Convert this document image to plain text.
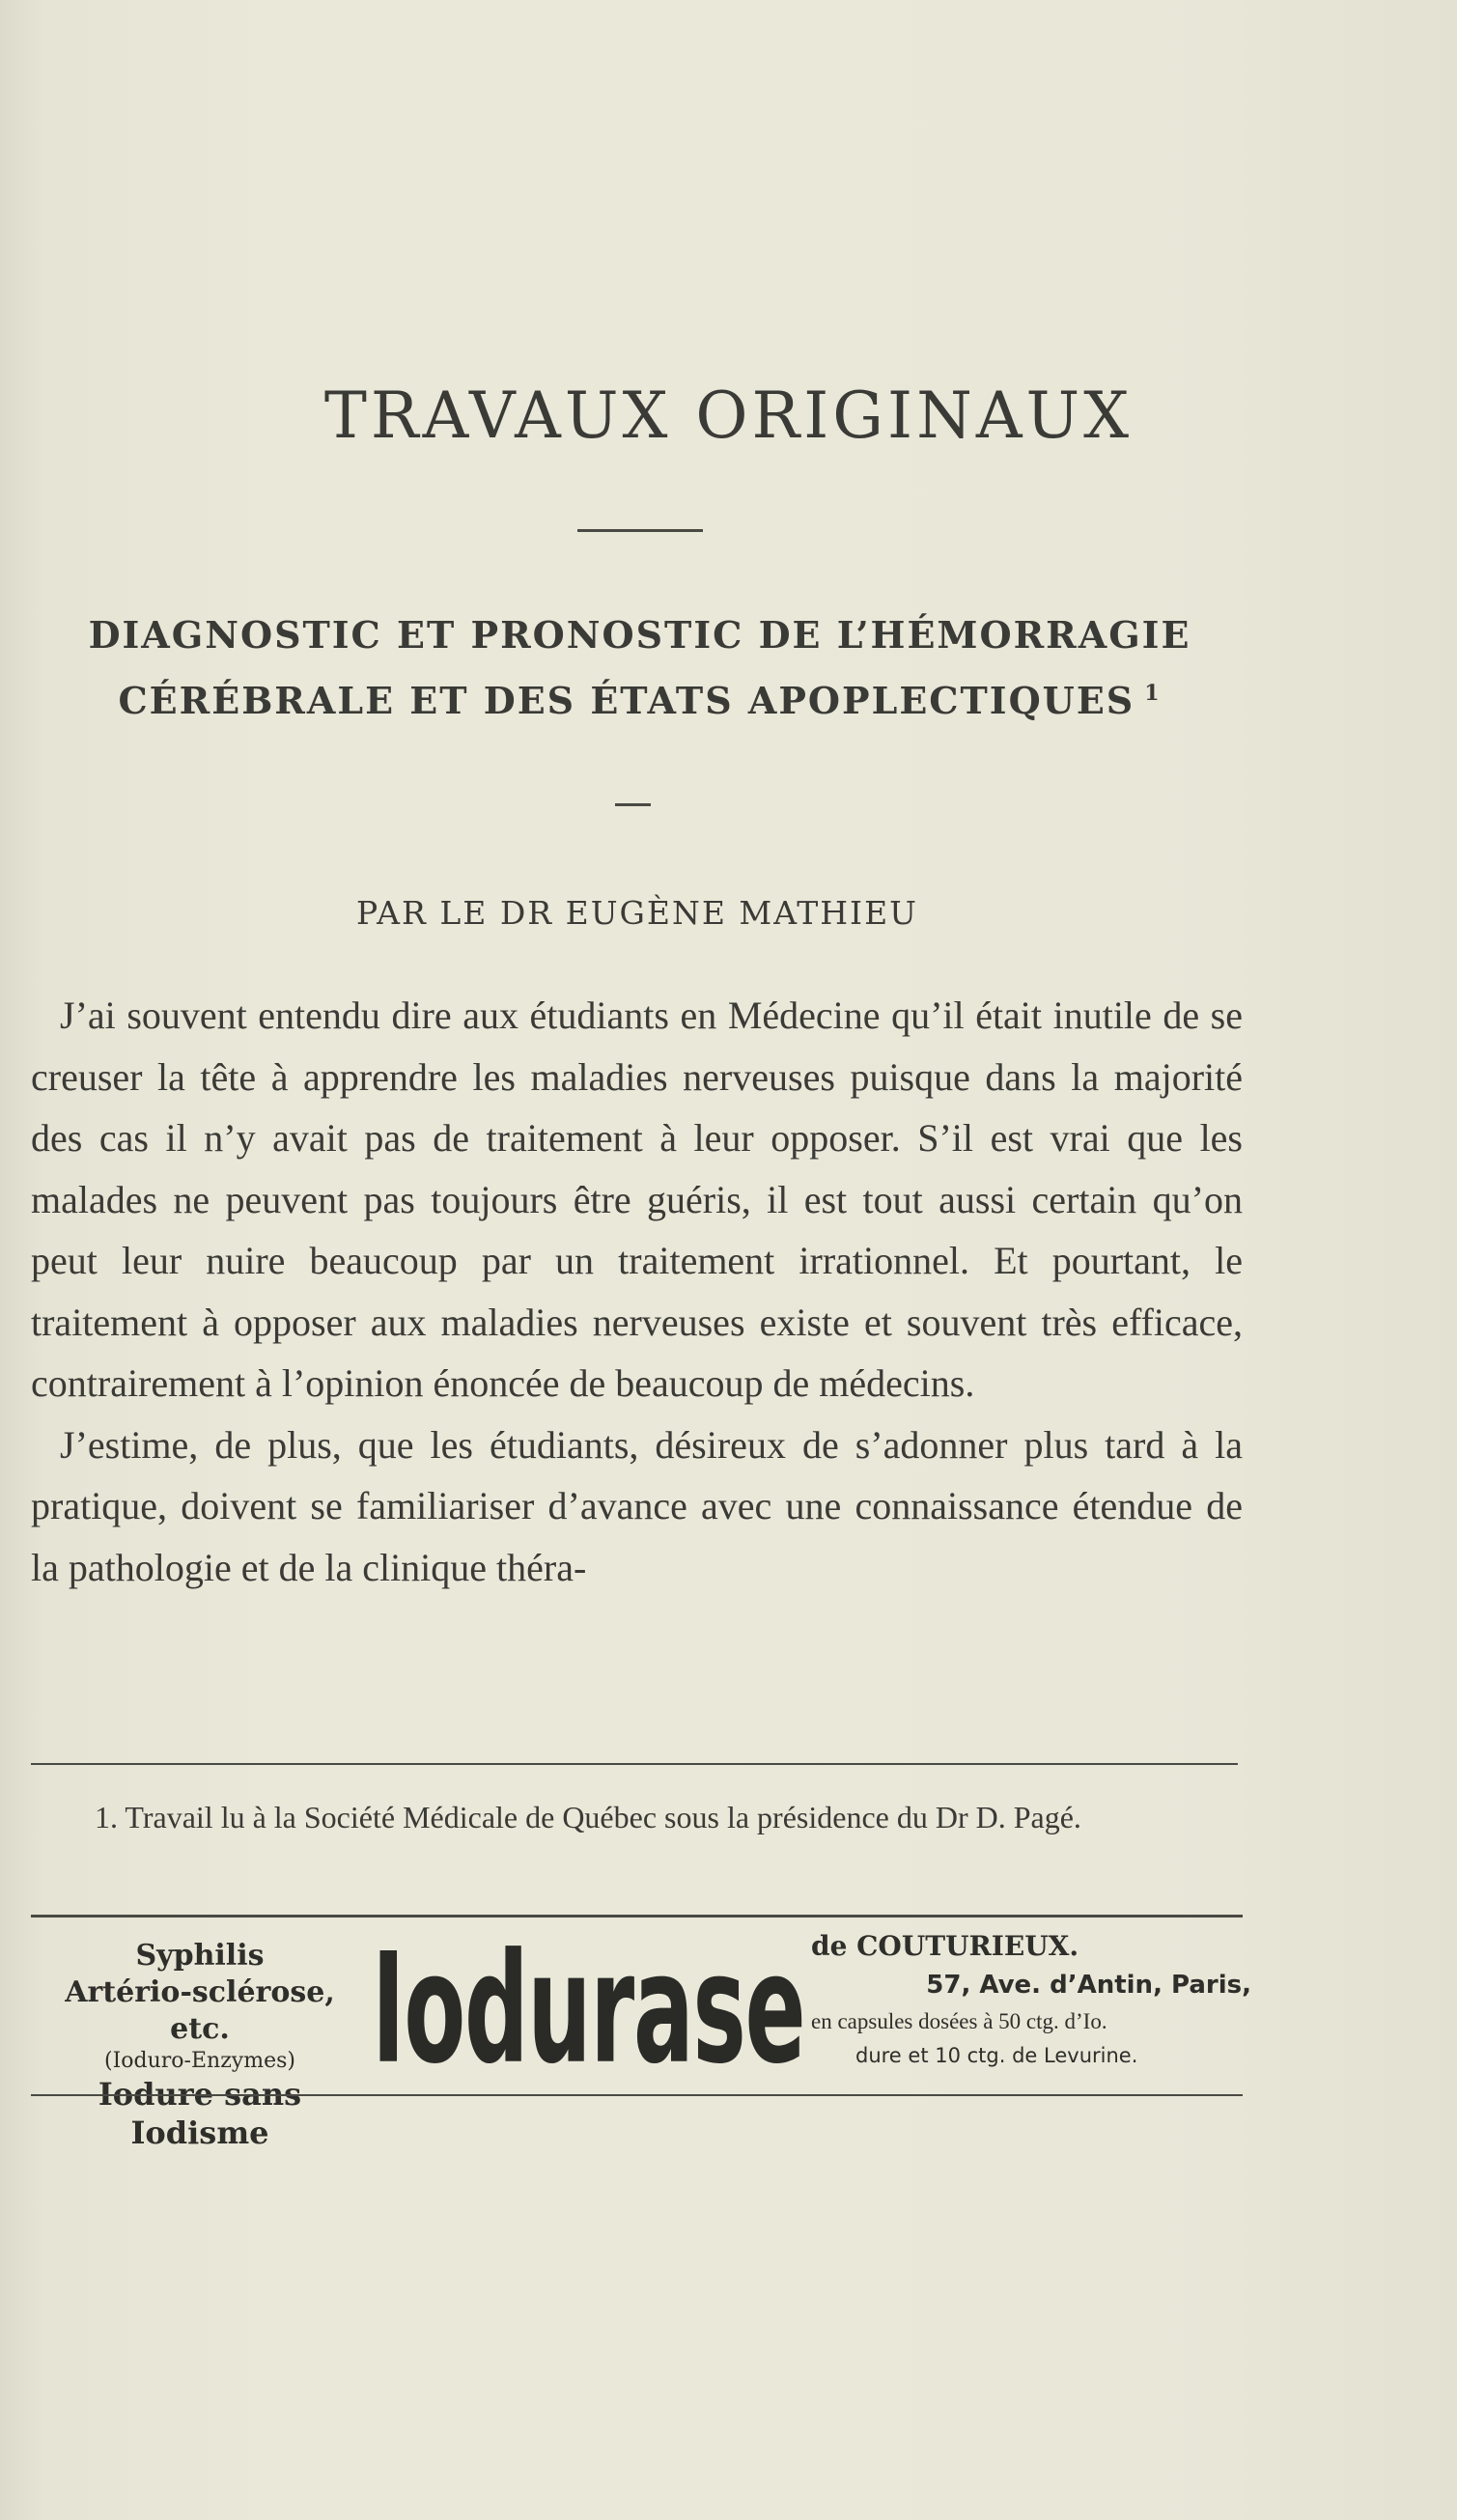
TRAVAUX ORIGINAUX
DIAGNOSTIC ET PRONOSTIC DE L’HÉMORRAGIE
CÉRÉBRALE ET DES ÉTATS APOPLECTIQUES $^1$

PAR LE DR EUGÈNE MATHIEU

J’ai souvent entendu dire aux étudiants en Médecine qu’il était inutile de se creuser la tête à apprendre les maladies nerveuses puisque dans la majorité des cas il n’y avait pas de traitement à leur opposer. S’il est vrai que les malades ne peuvent pas toujours être guéris, il est tout aussi certain qu’on peut leur nuire beaucoup par un traitement irrationnel. Et pourtant, le traitement à opposer aux maladies nerveuses existe et souvent très efficace, contrairement à l’opinion énoncée de beaucoup de médecins.

J’estime, de plus, que les étudiants, désireux de s’adonner plus tard à la pratique, doivent se familiariser d’avance avec une connaissance étendue de la pathologie et de la clinique théra-

1. Travail lu à la Société Médicale de Québec sous la présidence du Dr D. Pagé.

Syphilis
Artério-sclérose, etc.
(Ioduro-Enzymes)
Iodure sans Iodisme
Iodurase de COUTURIEUX.
57, Ave. d’Antin, Paris,
en capsules dosées à 50 ctg. d’Io.
dure et 10 ctg. de Levurine.
